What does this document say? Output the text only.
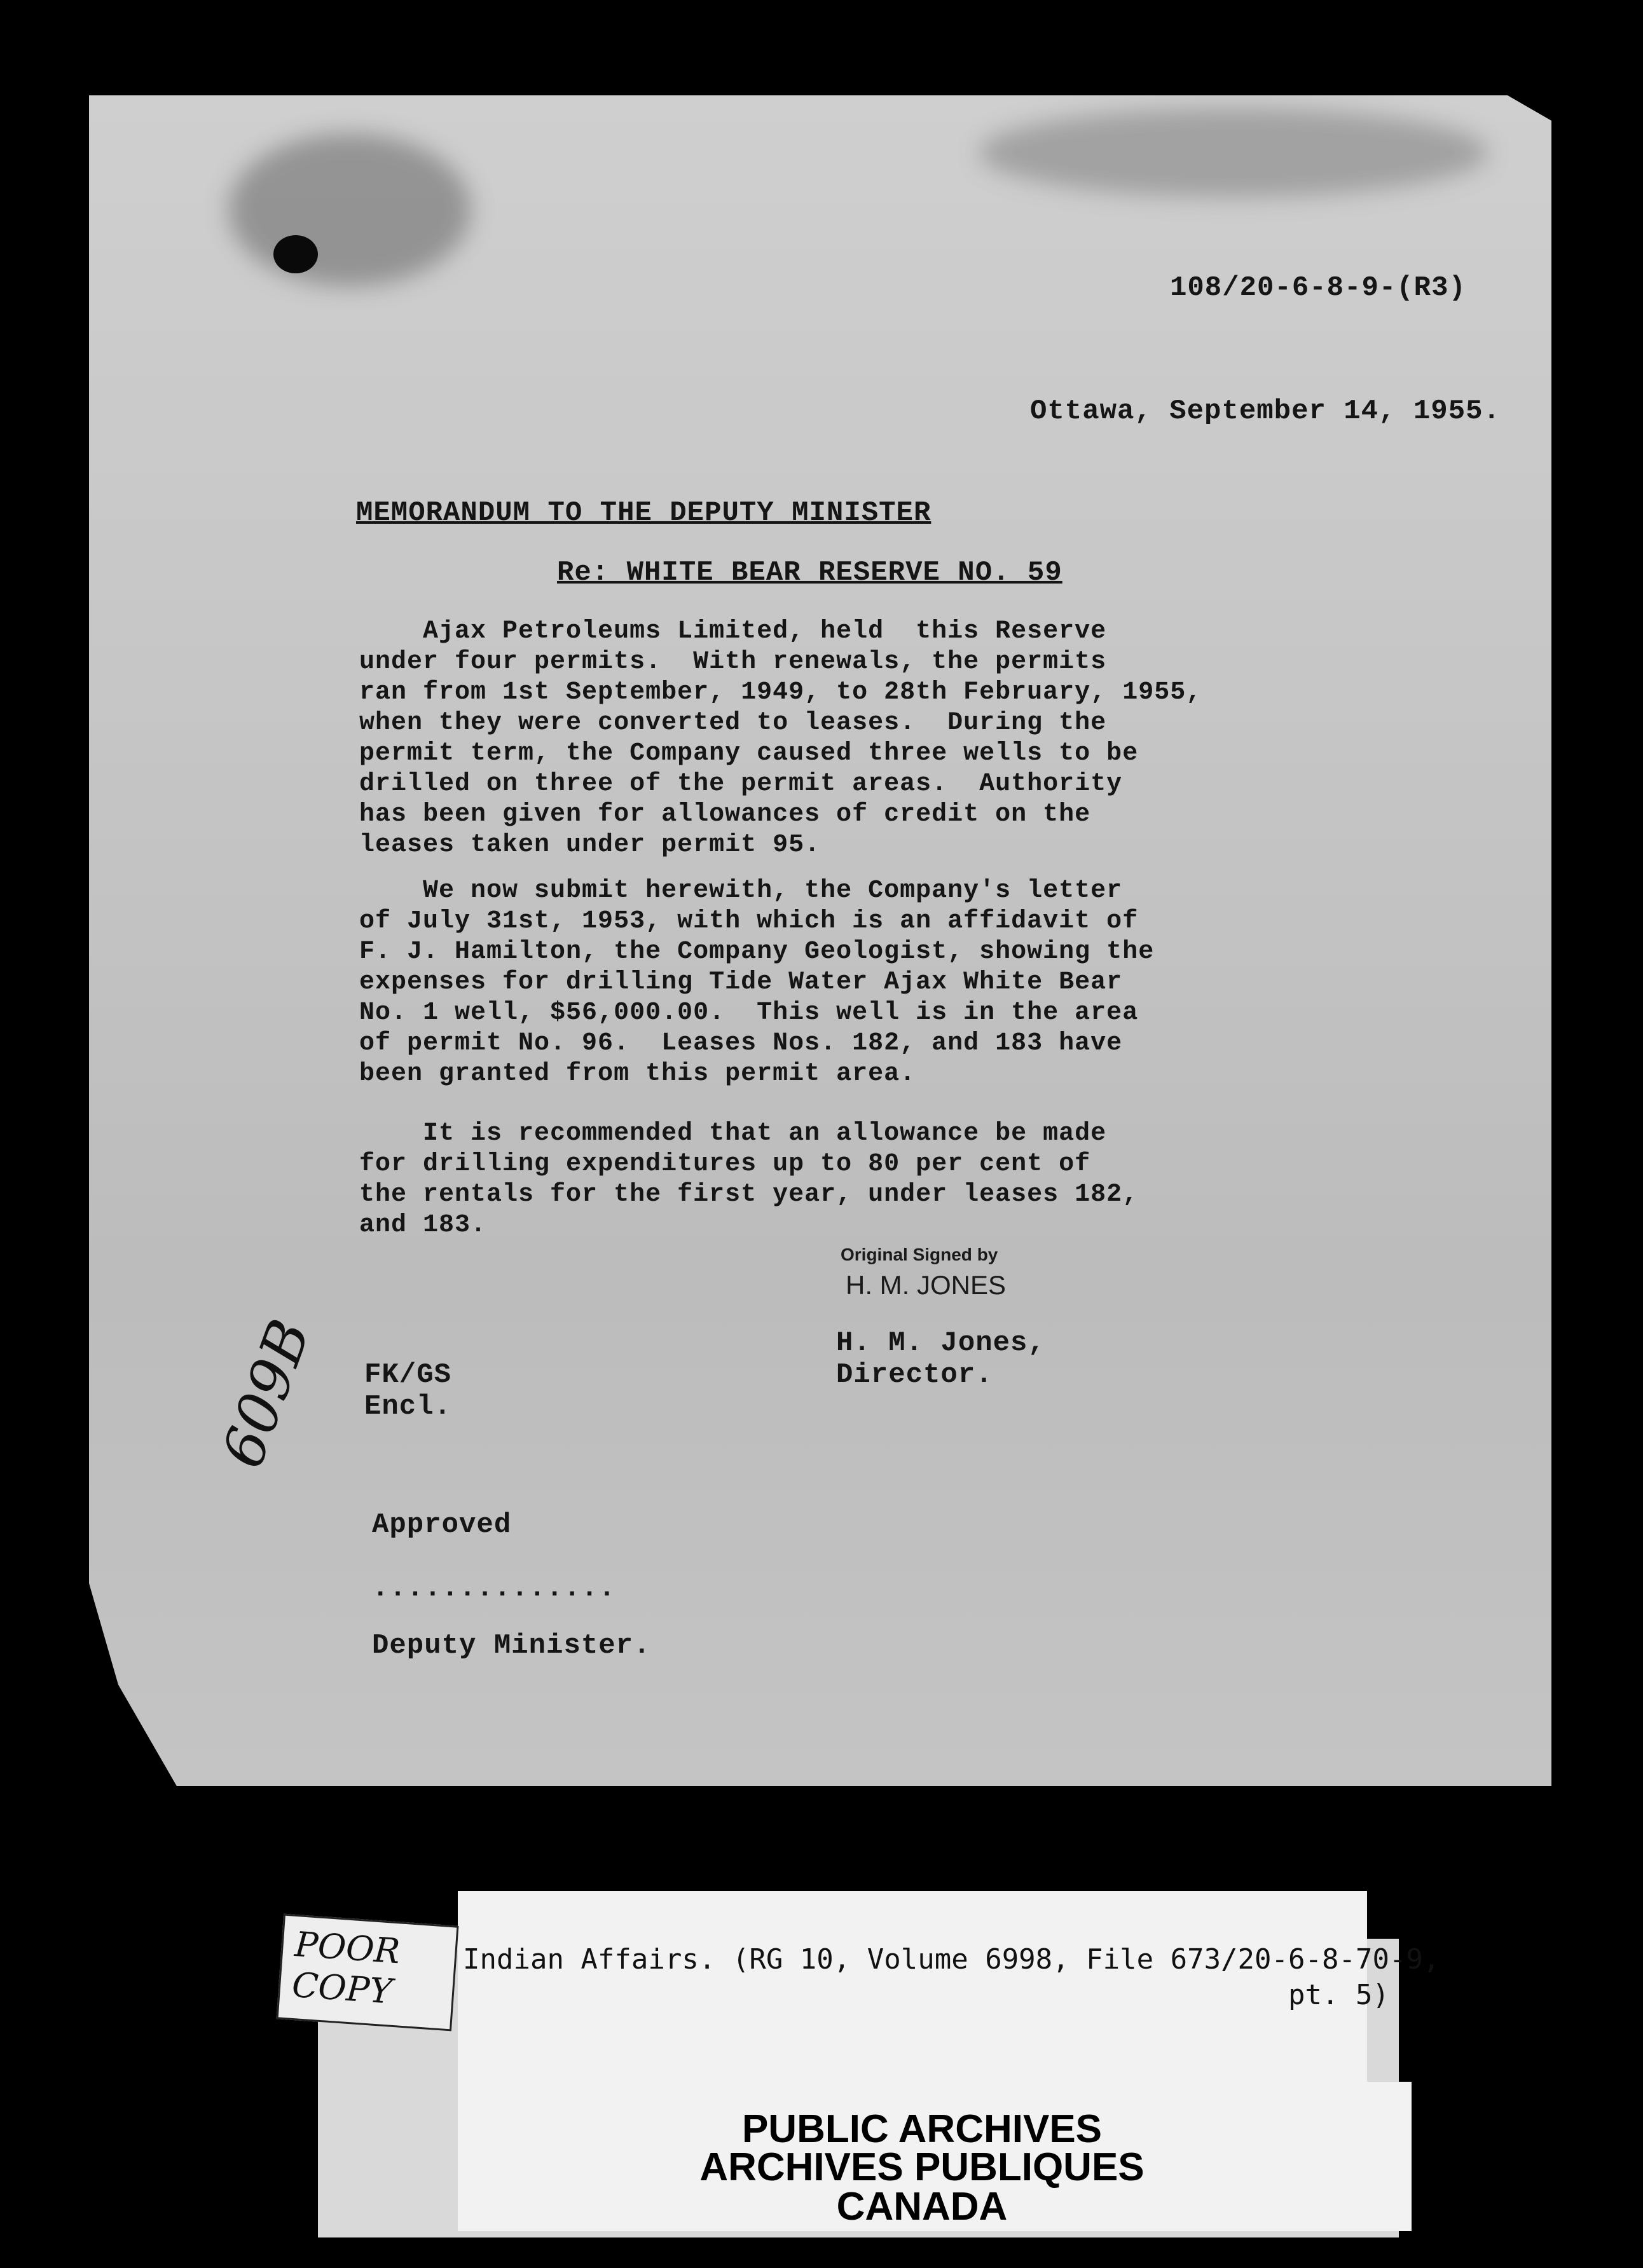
108/20-6-8-9-(R3)
Ottawa, September 14, 1955.
MEMORANDUM TO THE DEPUTY MINISTER
Re: WHITE BEAR RESERVE NO. 59
Ajax Petroleums Limited, held  this Reserve
under four permits.  With renewals, the permits
ran from 1st September, 1949, to 28th February, 1955,
when they were converted to leases.  During the
permit term, the Company caused three wells to be
drilled on three of the permit areas.  Authority
has been given for allowances of credit on the
leases taken under permit 95.
We now submit herewith, the Company's letter
of July 31st, 1953, with which is an affidavit of
F. J. Hamilton, the Company Geologist, showing the
expenses for drilling Tide Water Ajax White Bear
No. 1 well, $56,000.00.  This well is in the area
of permit No. 96.  Leases Nos. 182, and 183 have
been granted from this permit area.
It is recommended that an allowance be made
for drilling expenditures up to 80 per cent of
the rentals for the first year, under leases 182,
and 183.
Original Signed by
H. M. JONES
H. M. Jones,
Director.
FK/GS
Encl.
609B
Approved
..............
Deputy Minister.
POOR
COPY
Indian Affairs. (RG 10, Volume 6998, File 673/20-6-8-70-9,
pt. 5)
PUBLIC ARCHIVES
ARCHIVES PUBLIQUES
CANADA
